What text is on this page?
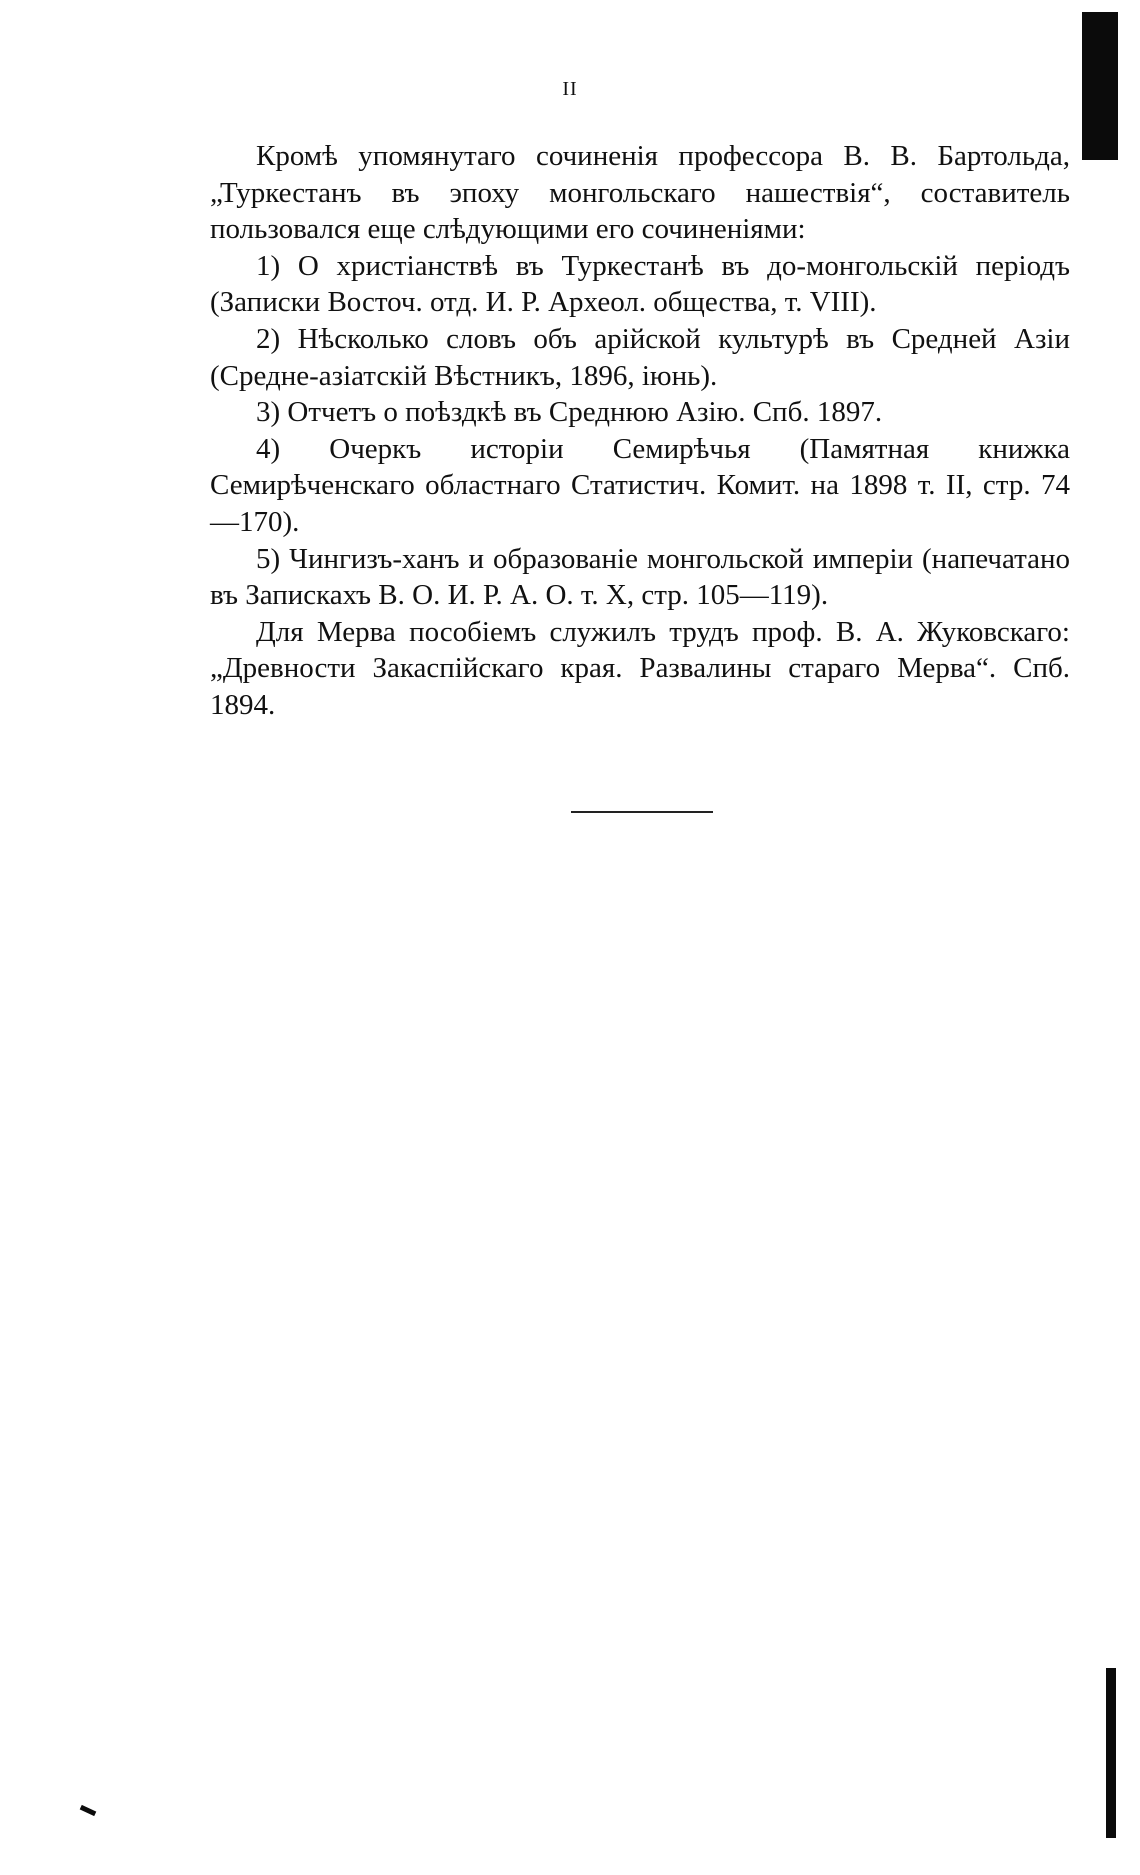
II

Кромѣ упомянутаго сочиненія профессора В. В. Бартольда, „Туркестанъ въ эпоху монгольскаго нашествія“, составитель пользовался еще слѣдующими его сочиненіями:

1) О христіанствѣ въ Туркестанѣ въ до-монгольскій періодъ (Записки Восточ. отд. И. Р. Археол. общества, т. VIII).

2) Нѣсколько словъ объ арійской культурѣ въ Средней Азіи (Средне-азіатскій Вѣстникъ, 1896, іюнь).

3) Отчетъ о поѣздкѣ въ Среднюю Азію. Спб. 1897.

4) Очеркъ исторіи Семирѣчья (Памятная книжка Семирѣченскаго областнаго Статистич. Комит. на 1898 т. II, стр. 74—170).

5) Чингизъ-ханъ и образованіе монгольской имперіи (напечатано въ Запискахъ В. О. И. Р. А. О. т. X, стр. 105—119).

Для Мерва пособіемъ служилъ трудъ проф. В. А. Жуковскаго: „Древности Закаспійскаго края. Развалины стараго Мерва“. Спб. 1894.
